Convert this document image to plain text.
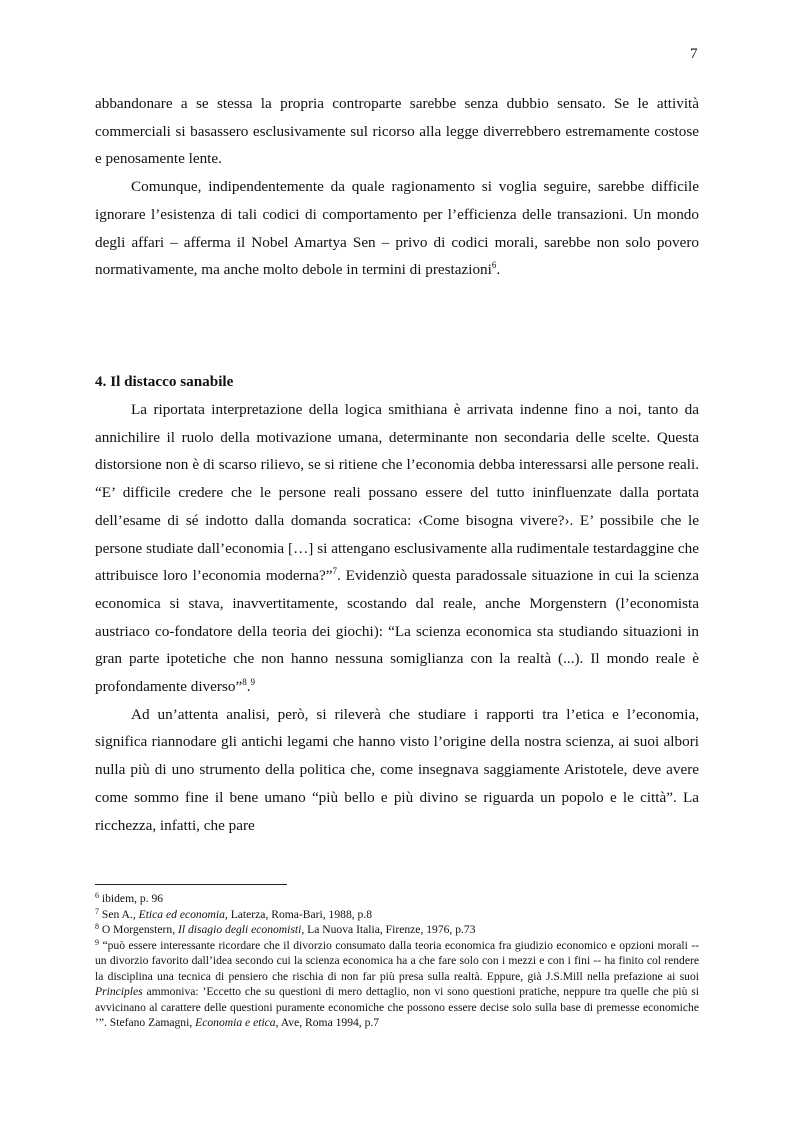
7

abbandonare a se stessa la propria controparte sarebbe senza dubbio sensato. Se le attività commerciali si basassero esclusivamente sul ricorso alla legge diverrebbero estremamente costose e penosamente lente.

Comunque, indipendentemente da quale ragionamento si voglia seguire, sarebbe difficile ignorare l’esistenza di tali codici di comportamento per l’efficienza delle transazioni. Un mondo degli affari – afferma il Nobel Amartya Sen – privo di codici morali, sarebbe non solo povero normativamente, ma anche molto debole in termini di prestazioni$^6$.

4. Il distacco sanabile

La riportata interpretazione della logica smithiana è arrivata indenne fino a noi, tanto da annichilire il ruolo della motivazione umana, determinante non secondaria delle scelte. Questa distorsione non è di scarso rilievo, se si ritiene che l’economia debba interessarsi alle persone reali. “E’ difficile credere che le persone reali possano essere del tutto ininfluenzate dalla portata dell’esame di sé indotto dalla domanda socratica: ‹Come bisogna vivere?›. E’ possibile che le persone studiate dall’economia […] si attengano esclusivamente alla rudimentale testardaggine che attribuisce loro l’economia moderna?”$^7$. Evidenziò questa paradossale situazione in cui la scienza economica si stava, inavvertitamente, scostando dal reale, anche Morgenstern (l’economista austriaco co-fondatore della teoria dei giochi): “La scienza economica sta studiando situazioni in gran parte ipotetiche che non hanno nessuna somiglianza con la realtà (...). Il mondo reale è profondamente diverso”$^8$.$^9$

Ad un’attenta analisi, però, si rileverà che studiare i rapporti tra l’etica e l’economia, significa riannodare gli antichi legami che hanno visto l’origine della nostra scienza, ai suoi albori nulla più di uno strumento della politica che, come insegnava saggiamente Aristotele, deve avere come sommo fine il bene umano “più bello e più divino se riguarda un popolo e le città”. La ricchezza, infatti, che pare

$^6$ ibidem, p. 96

$^7$ Sen A., Etica ed economia, Laterza, Roma-Bari, 1988, p.8

$^8$ O Morgenstern, Il disagio degli economisti, La Nuova Italia, Firenze, 1976, p.73

$^9$ “può essere interessante ricordare che il divorzio consumato dalla teoria economica fra giudizio economico e opzioni morali -- un divorzio favorito dall’idea secondo cui la scienza economica ha a che fare solo con i mezzi e con i fini -- ha finito col rendere la disciplina una tecnica di pensiero che rischia di non far più presa sulla realtà. Eppure, già J.S.Mill nella prefazione ai suoi Principles ammoniva: ’Eccetto che su questioni di mero dettaglio, non vi sono questioni pratiche, neppure tra quelle che più si avvicinano al carattere delle questioni puramente economiche che possono essere decise solo sulla base di premesse economiche ’”. Stefano Zamagni, Economia e etica, Ave, Roma 1994, p.7
